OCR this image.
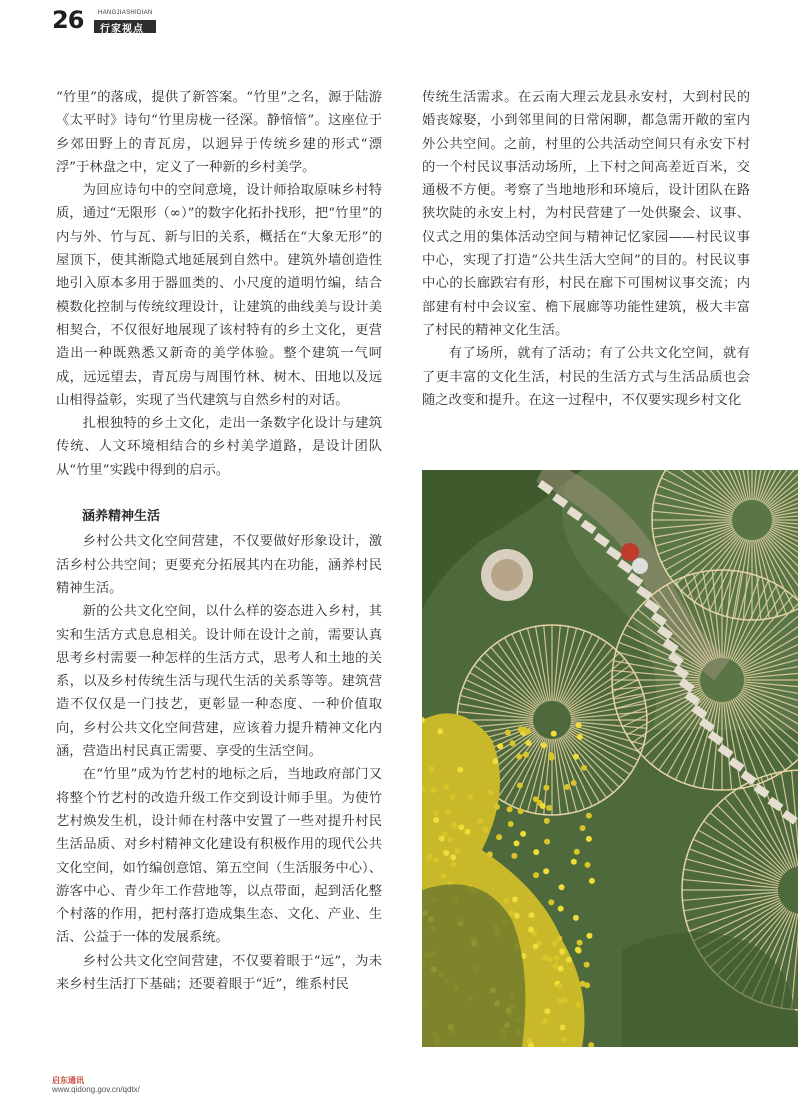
26 HANGJIASHIDIAN
行家视点

“竹里”的落成，提供了新答案。“竹里”之名，源于陆游《太平时》诗句“竹里房栊一径深。静愔愔”。这座位于乡郊田野上的青瓦房，以迥异于传统乡建的形式“漂浮”于林盘之中，定义了一种新的乡村美学。

为回应诗句中的空间意境，设计师拾取原味乡村特质，通过“无限形（∞）”的数字化拓扑找形，把“竹里”的内与外、竹与瓦、新与旧的关系，概括在“大象无形”的屋顶下，使其渐隐式地延展到自然中。建筑外墙创造性地引入原本多用于器皿类的、小尺度的道明竹编，结合模数化控制与传统纹理设计，让建筑的曲线美与设计美相契合，不仅很好地展现了该村特有的乡土文化，更营造出一种既熟悉又新奇的美学体验。整个建筑一气呵成，远远望去，青瓦房与周围竹林、树木、田地以及远山相得益彰，实现了当代建筑与自然乡村的对话。

扎根独特的乡土文化，走出一条数字化设计与建筑传统、人文环境相结合的乡村美学道路，是设计团队从“竹里”实践中得到的启示。

涵养精神生活

乡村公共文化空间营建，不仅要做好形象设计，激活乡村公共空间；更要充分拓展其内在功能，涵养村民精神生活。

新的公共文化空间，以什么样的姿态进入乡村，其实和生活方式息息相关。设计师在设计之前，需要认真思考乡村需要一种怎样的生活方式，思考人和土地的关系，以及乡村传统生活与现代生活的关系等等。建筑营造不仅仅是一门技艺，更彰显一种态度、一种价值取向，乡村公共文化空间营建，应该着力提升精神文化内涵，营造出村民真正需要、享受的生活空间。

在“竹里”成为竹艺村的地标之后，当地政府部门又将整个竹艺村的改造升级工作交到设计师手里。为使竹艺村焕发生机，设计师在村落中安置了一些对提升村民生活品质、对乡村精神文化建设有积极作用的现代公共文化空间，如竹编创意馆、第五空间（生活服务中心）、游客中心、青少年工作营地等，以点带面，起到活化整个村落的作用，把村落打造成集生态、文化、产业、生活、公益于一体的发展系统。

乡村公共文化空间营建，不仅要着眼于“远”，为未来乡村生活打下基础；还要着眼于“近”，维系村民

传统生活需求。在云南大理云龙县永安村，大到村民的婚丧嫁娶，小到邻里间的日常闲聊，都急需开敞的室内外公共空间。之前，村里的公共活动空间只有永安下村的一个村民议事活动场所，上下村之间高差近百米，交通极不方便。考察了当地地形和环境后，设计团队在路狭坎陡的永安上村，为村民营建了一处供聚会、议事、仪式之用的集体活动空间与精神记忆家园——村民议事中心，实现了打造“公共生活大空间”的目的。村民议事中心的长廊跌宕有形，村民在廊下可围树议事交流；内部建有村中会议室、檐下展廊等功能性建筑，极大丰富了村民的精神文化生活。

有了场所，就有了活动；有了公共文化空间，就有了更丰富的文化生活，村民的生活方式与生活品质也会随之改变和提升。在这一过程中，不仅要实现乡村文化

启东通讯
www.qidong.gov.cn/qdtx/
